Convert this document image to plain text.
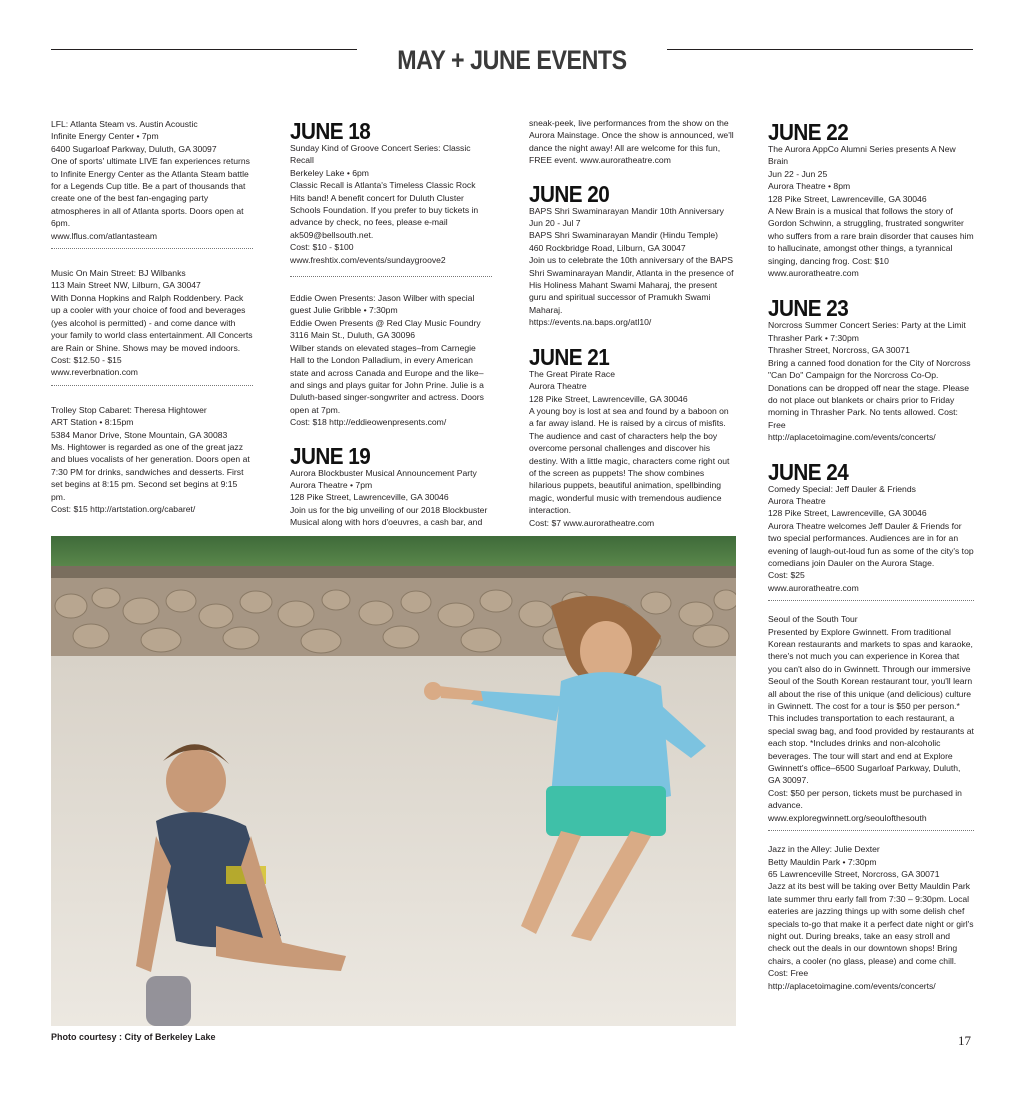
MAY + JUNE EVENTS

LFL: Atlanta Steam vs. Austin Acoustic
Infinite Energy Center • 7pm
6400 Sugarloaf Parkway, Duluth, GA 30097
One of sports' ultimate LIVE fan experiences returns to Infinite Energy Center as the Atlanta Steam battle for a Legends Cup title. Be a part of thousands that create one of the best fan-engaging party atmospheres in all of Atlanta sports. Doors open at 6pm.
www.lflus.com/atlantasteam

Music On Main Street: BJ Wilbanks
113 Main Street NW, Lilburn, GA 30047
With Donna Hopkins and Ralph Roddenbery. Pack up a cooler with your choice of food and beverages (yes alcohol is permitted) - and come dance with your family to world class entertainment. All Concerts are Rain or Shine. Shows may be moved indoors.
Cost: $12.50 - $15
www.reverbnation.com

Trolley Stop Cabaret: Theresa Hightower
ART Station • 8:15pm
5384 Manor Drive, Stone Mountain, GA 30083
Ms. Hightower is regarded as one of the great jazz and blues vocalists of her generation. Doors open at 7:30 PM for drinks, sandwiches and desserts. First set begins at 8:15 pm. Second set begins at 9:15 pm.
Cost: $15 http://artstation.org/cabaret/

JUNE 18

Sunday Kind of Groove Concert Series: Classic Recall
Berkeley Lake • 6pm
Classic Recall is Atlanta's Timeless Classic Rock Hits band! A benefit concert for Duluth Cluster Schools Foundation. If you prefer to buy tickets in advance by check, no fees, please e-mail ak509@bellsouth.net.
Cost: $10 - $100
www.freshtix.com/events/sundaygroove2

Eddie Owen Presents: Jason Wilber with special guest Julie Gribble • 7:30pm
Eddie Owen Presents @ Red Clay Music Foundry
3116 Main St., Duluth, GA 30096
Wilber stands on elevated stages–from Carnegie Hall to the London Palladium, in every American state and across Canada and Europe and the like–and sings and plays guitar for John Prine. Julie is a Duluth-based singer-songwriter and actress. Doors open at 7pm.
Cost: $18 http://eddieowenpresents.com/

JUNE 19

Aurora Blockbuster Musical Announcement Party
Aurora Theatre • 7pm
128 Pike Street, Lawrenceville, GA 30046
Join us for the big unveiling of our 2018 Blockbuster Musical along with hors d'oeuvres, a cash bar, and

sneak-peek, live performances from the show on the Aurora Mainstage. Once the show is announced, we'll dance the night away! All are welcome for this fun, FREE event. www.auroratheatre.com

JUNE 20

BAPS Shri Swaminarayan Mandir 10th Anniversary
Jun 20 - Jul 7
BAPS Shri Swaminarayan Mandir (Hindu Temple)
460 Rockbridge Road, Lilburn, GA 30047
Join us to celebrate the 10th anniversary of the BAPS Shri Swaminarayan Mandir, Atlanta in the presence of His Holiness Mahant Swami Maharaj, the present guru and spiritual successor of Pramukh Swami Maharaj.
https://events.na.baps.org/atl10/

JUNE 21

The Great Pirate Race
Aurora Theatre
128 Pike Street, Lawrenceville, GA 30046
A young boy is lost at sea and found by a baboon on a far away island. He is raised by a circus of misfits. The audience and cast of characters help the boy overcome personal challenges and discover his destiny. With a little magic, characters come right out of the screen as puppets! The show combines hilarious puppets, beautiful animation, spellbinding magic, wonderful music with tremendous audience interaction.
Cost: $7 www.auroratheatre.com

JUNE 22

The Aurora AppCo Alumni Series presents A New Brain
Jun 22 - Jun 25
Aurora Theatre • 8pm
128 Pike Street, Lawrenceville, GA 30046
A New Brain is a musical that follows the story of Gordon Schwinn, a struggling, frustrated songwriter who suffers from a rare brain disorder that causes him to hallucinate, amongst other things, a tyrannical singing, dancing frog. Cost: $10
www.auroratheatre.com

JUNE 23

Norcross Summer Concert Series: Party at the Limit
Thrasher Park • 7:30pm
Thrasher Street, Norcross, GA 30071
Bring a canned food donation for the City of Norcross "Can Do" Campaign for the Norcross Co-Op. Donations can be dropped off near the stage. Please do not place out blankets or chairs prior to Friday morning in Thrasher Park. No tents allowed. Cost: Free
http://aplacetoimagine.com/events/concerts/

JUNE 24

Comedy Special: Jeff Dauler & Friends
Aurora Theatre
128 Pike Street, Lawrenceville, GA 30046
Aurora Theatre welcomes Jeff Dauler & Friends for two special performances. Audiences are in for an evening of laugh-out-loud fun as some of the city's top comedians join Dauler on the Aurora Stage.
Cost: $25
www.auroratheatre.com

Seoul of the South Tour
Presented by Explore Gwinnett. From traditional Korean restaurants and markets to spas and karaoke, there's not much you can experience in Korea that you can't also do in Gwinnett. Through our immersive Seoul of the South Korean restaurant tour, you'll learn all about the rise of this unique (and delicious) culture in Gwinnett. The cost for a tour is $50 per person.* This includes transportation to each restaurant, a special swag bag, and food provided by restaurants at each stop. *Includes drinks and non-alcoholic beverages. The tour will start and end at Explore Gwinnett's office–6500 Sugarloaf Parkway, Duluth, GA 30097.
Cost: $50 per person, tickets must be purchased in advance.
www.exploregwinnett.org/seoulofthesouth

Jazz in the Alley: Julie Dexter
Betty Mauldin Park • 7:30pm
65 Lawrenceville Street, Norcross, GA 30071
Jazz at its best will be taking over Betty Mauldin Park late summer thru early fall from 7:30 – 9:30pm. Local eateries are jazzing things up with some delish chef specials to-go that make it a perfect date night or girl's night out. During breaks, take an easy stroll and check out the deals in our downtown shops! Bring chairs, a cooler (no glass, please) and come chill. Cost: Free
http://aplacetoimagine.com/events/concerts/

Photo courtesy : City of Berkeley Lake	17
